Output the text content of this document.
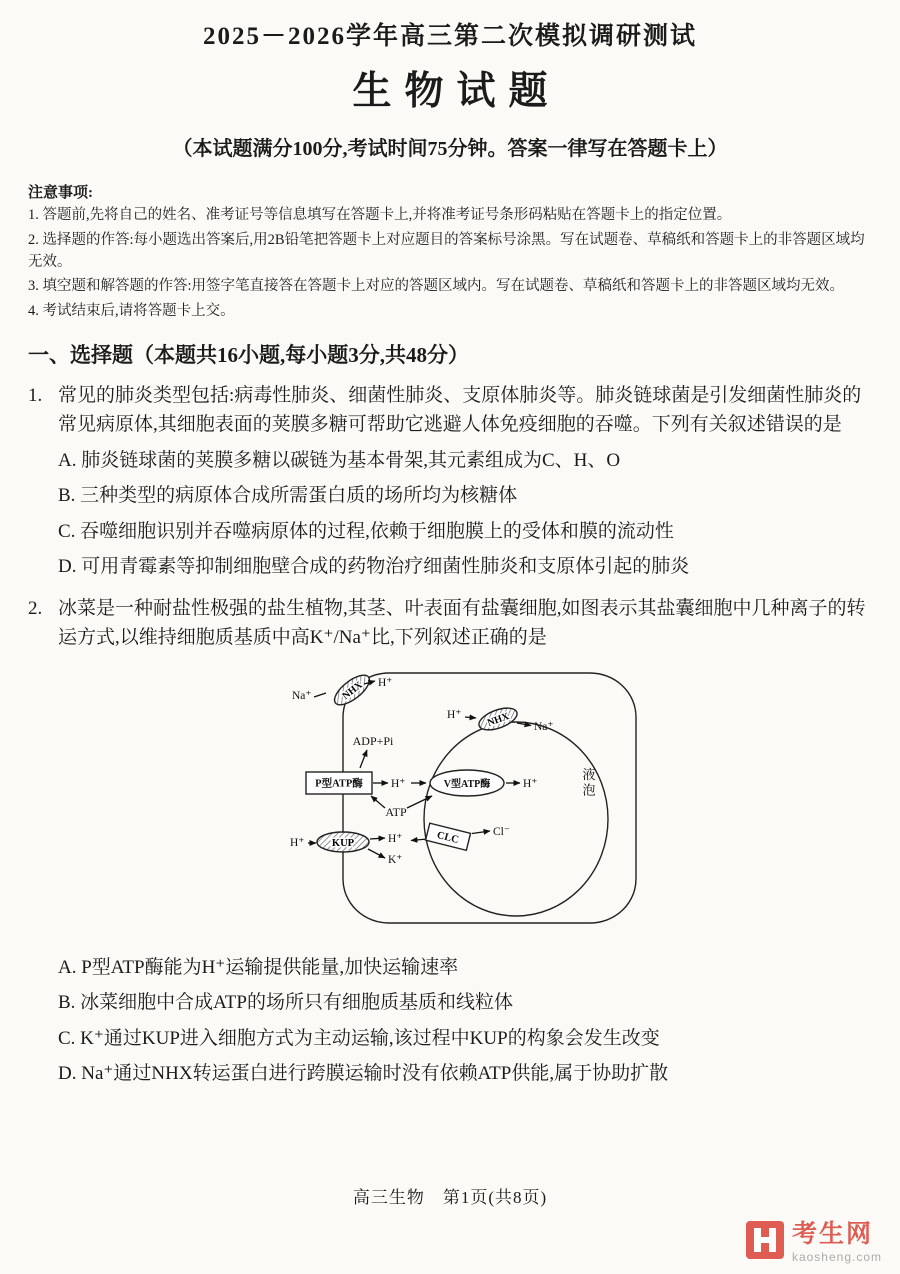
2025－2026学年高三第二次模拟调研测试
生物试题
（本试题满分100分,考试时间75分钟。答案一律写在答题卡上）
注意事项:
1. 答题前,先将自己的姓名、准考证号等信息填写在答题卡上,并将准考证号条形码粘贴在答题卡上的指定位置。
2. 选择题的作答:每小题选出答案后,用2B铅笔把答题卡上对应题目的答案标号涂黑。写在试题卷、草稿纸和答题卡上的非答题区域均无效。
3. 填空题和解答题的作答:用签字笔直接答在答题卡上对应的答题区域内。写在试题卷、草稿纸和答题卡上的非答题区域均无效。
4. 考试结束后,请将答题卡上交。
一、选择题（本题共16小题,每小题3分,共48分）
1. 常见的肺炎类型包括:病毒性肺炎、细菌性肺炎、支原体肺炎等。肺炎链球菌是引发细菌性肺炎的常见病原体,其细胞表面的荚膜多糖可帮助它逃避人体免疫细胞的吞噬。下列有关叙述错误的是
A. 肺炎链球菌的荚膜多糖以碳链为基本骨架,其元素组成为C、H、O
B. 三种类型的病原体合成所需蛋白质的场所均为核糖体
C. 吞噬细胞识别并吞噬病原体的过程,依赖于细胞膜上的受体和膜的流动性
D. 可用青霉素等抑制细胞壁合成的药物治疗细菌性肺炎和支原体引起的肺炎
2. 冰菜是一种耐盐性极强的盐生植物,其茎、叶表面有盐囊细胞,如图表示其盐囊细胞中几种离子的转运方式,以维持细胞质基质中高K⁺/Na⁺比,下列叙述正确的是
液泡
Na⁺	NHX H⁺
H⁺ NHX Na⁺
ADP+Pi
P型ATP酶 H⁺
ATP
V型ATP酶	H⁺
H⁺	KUP	H⁺
K⁺
CLC	Cl⁻
A. P型ATP酶能为H⁺运输提供能量,加快运输速率
B. 冰菜细胞中合成ATP的场所只有细胞质基质和线粒体
C. K⁺通过KUP进入细胞方式为主动运输,该过程中KUP的构象会发生改变
D. Na⁺通过NHX转运蛋白进行跨膜运输时没有依赖ATP供能,属于协助扩散
高三生物　第1页(共8页)
考生网
kaosheng.com
